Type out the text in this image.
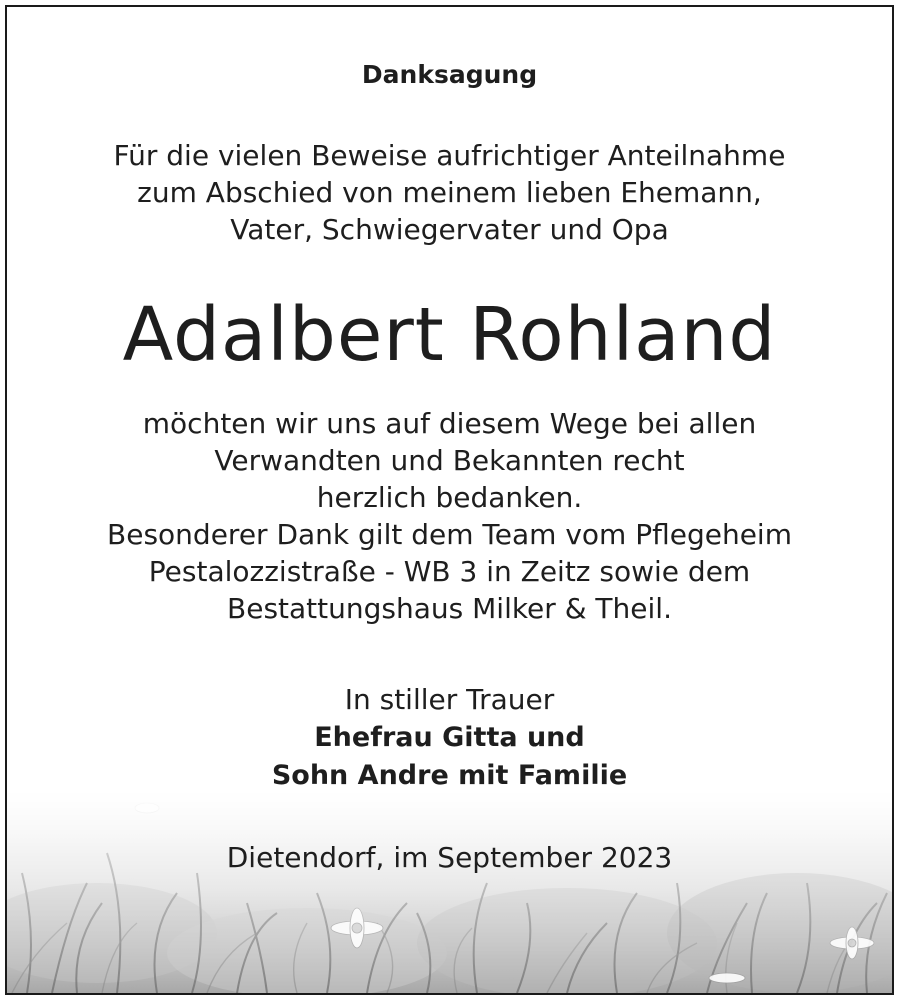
Danksagung
Für die vielen Beweise aufrichtiger Anteilnahme
zum Abschied von meinem lieben Ehemann,
Vater, Schwiegervater und Opa
Adalbert Rohland
möchten wir uns auf diesem Wege bei allen
Verwandten und Bekannten recht
herzlich bedanken.
Besonderer Dank gilt dem Team vom Pflegeheim
Pestalozzistraße - WB 3 in Zeitz sowie dem
Bestattungshaus Milker & Theil.
In stiller Trauer
Ehefrau Gitta und
Sohn Andre mit Familie
Dietendorf, im September 2023
